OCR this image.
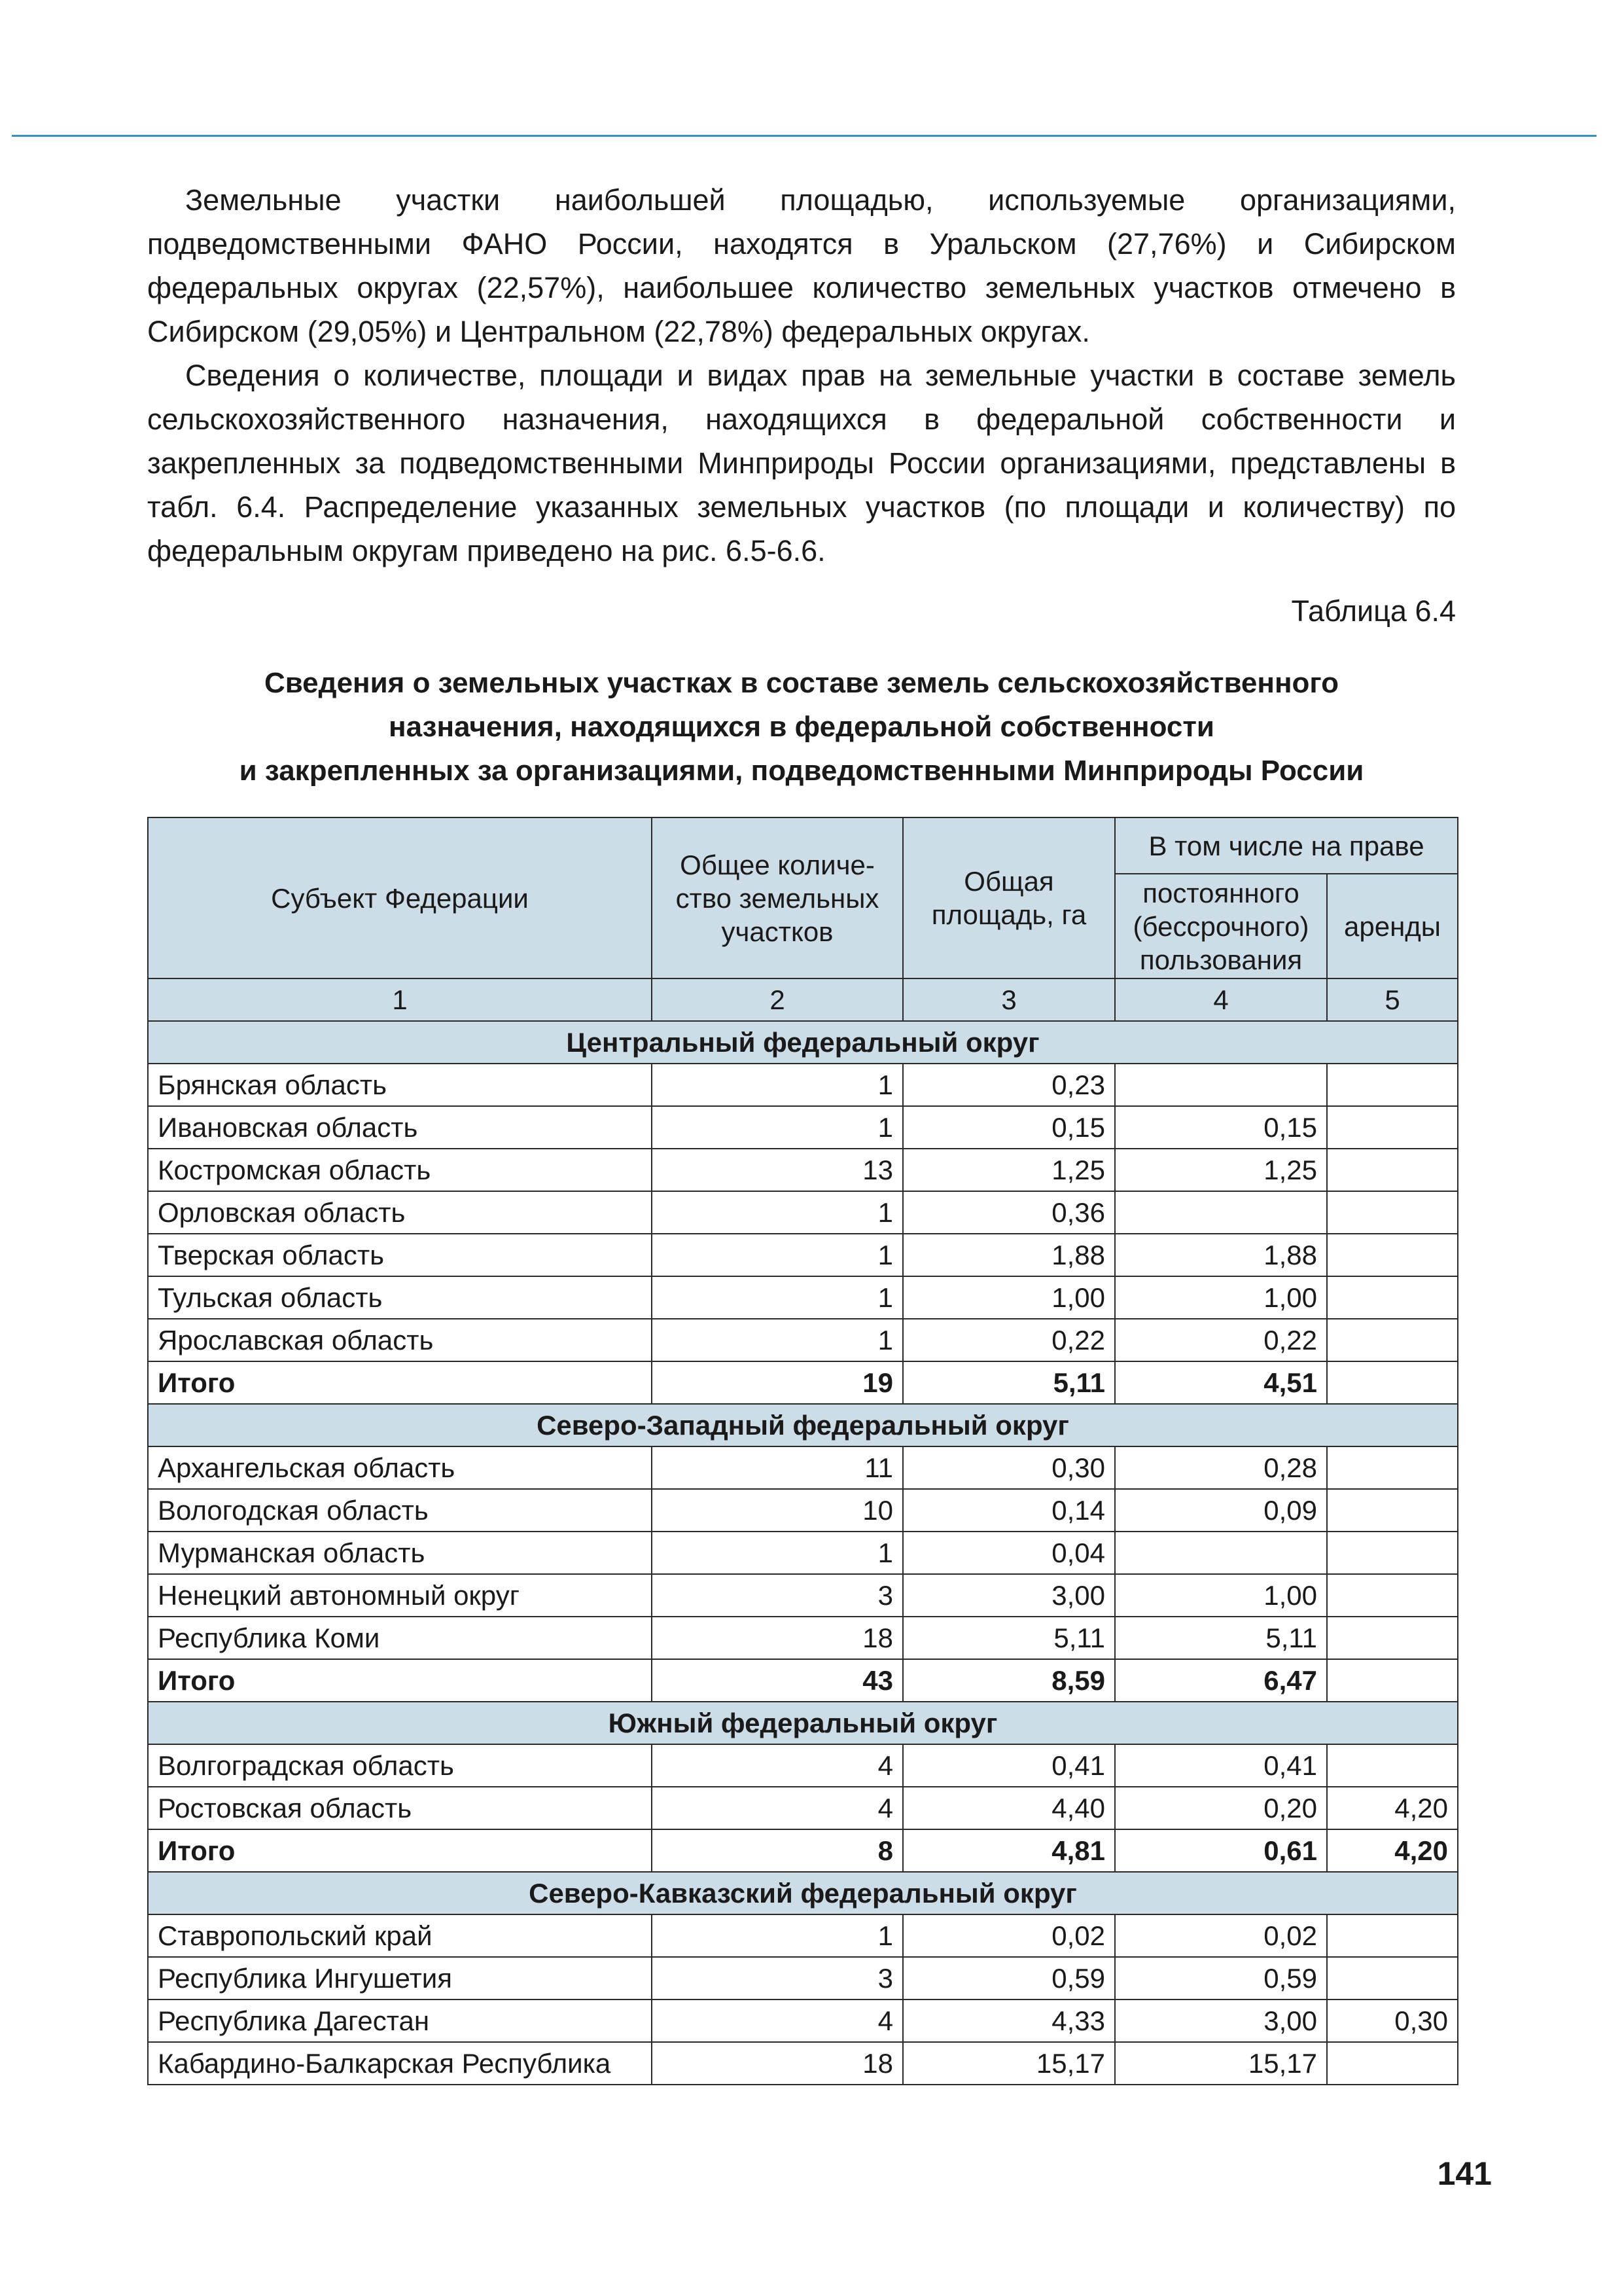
Земельные участки наибольшей площадью, используемые организациями, подведомственными ФАНО России, находятся в Уральском (27,76%) и Сибирском федеральных округах (22,57%), наибольшее количество земельных участков отмечено в Сибирском (29,05%) и Центральном (22,78%) федеральных округах.

Сведения о количестве, площади и видах прав на земельные участки в составе земель сельскохозяйственного назначения, находящихся в федеральной собственности и закрепленных за подведомственными Минприроды России организациями, представлены в табл. 6.4. Распределение указанных земельных участков (по площади и количеству) по федеральным округам приведено на рис. 6.5-6.6.

Таблица 6.4
Сведения о земельных участках в составе земель сельскохозяйственного
назначения, находящихся в федеральной собственности
и закрепленных за организациями, подведомственными Минприроды России
Субъект Федерации	Общее количе-ство земельных участков	Общая площадь, га	В том числе на праве	
			постоянного (бессрочного) пользования	аренды
1	2	3	4	5
Центральный федеральный округ				
Брянская область	1	0,23		
Ивановская область	1	0,15	0,15	
Костромская область	13	1,25	1,25	
Орловская область	1	0,36		
Тверская область	1	1,88	1,88	
Тульская область	1	1,00	1,00	
Ярославская область	1	0,22	0,22	
Итого	19	5,11	4,51	
Северо-Западный федеральный округ				
Архангельская область	11	0,30	0,28	
Вологодская область	10	0,14	0,09	
Мурманская область	1	0,04		
Ненецкий автономный округ	3	3,00	1,00	
Республика Коми	18	5,11	5,11	
Итого	43	8,59	6,47	
Южный федеральный округ				
Волгоградская область	4	0,41	0,41	
Ростовская область	4	4,40	0,20	4,20
Итого	8	4,81	0,61	4,20
Северо-Кавказский федеральный округ				
Ставропольский край	1	0,02	0,02	
Республика Ингушетия	3	0,59	0,59	
Республика Дагестан	4	4,33	3,00	0,30
Кабардино-Балкарская Республика	18	15,17	15,17	
141
